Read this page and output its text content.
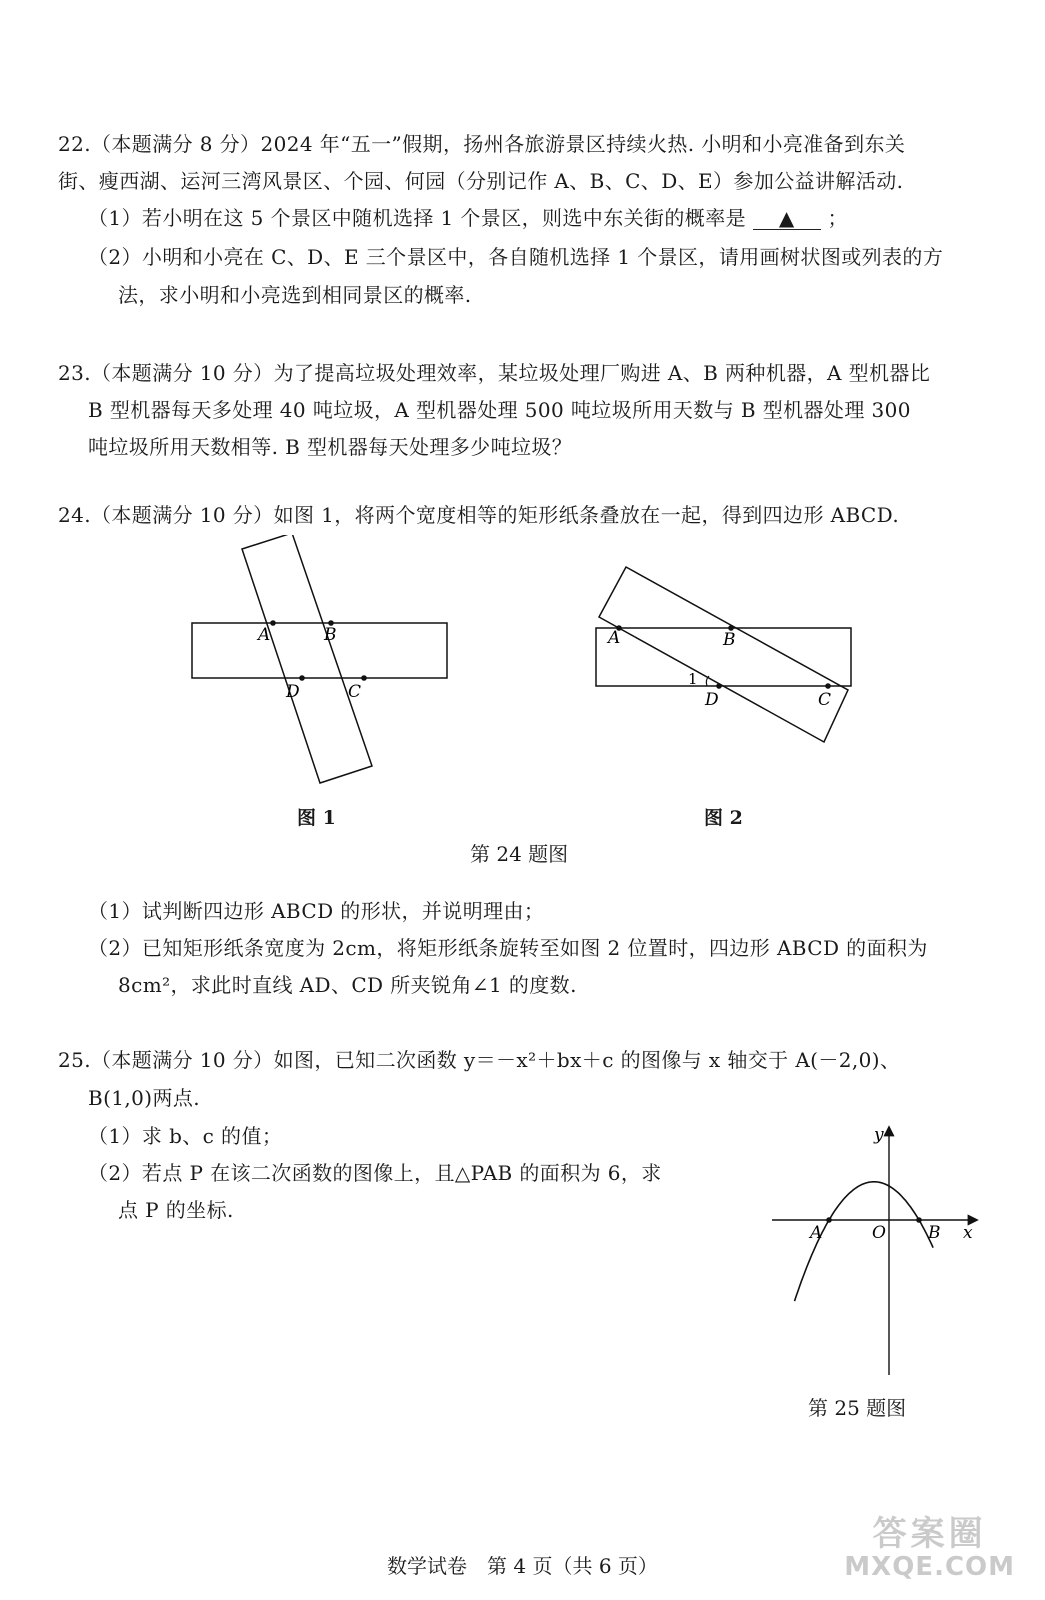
22.（本题满分 8 分）2024 年“五一”假期，扬州各旅游景区持续火热. 小明和小亮准备到东关
街、瘦西湖、运河三湾风景区、个园、何园（分别记作 A、B、C、D、E）参加公益讲解活动.
（1）若小明在这 5 个景区中随机选择 1 个景区，则选中东关街的概率是 ▲ ；
（2）小明和小亮在 C、D、E 三个景区中，各自随机选择 1 个景区，请用画树状图或列表的方
法，求小明和小亮选到相同景区的概率.
23.（本题满分 10 分）为了提高垃圾处理效率，某垃圾处理厂购进 A、B 两种机器，A 型机器比
B 型机器每天多处理 40 吨垃圾，A 型机器处理 500 吨垃圾所用天数与 B 型机器处理 300
吨垃圾所用天数相等. B 型机器每天处理多少吨垃圾？
24.（本题满分 10 分）如图 1，将两个宽度相等的矩形纸条叠放在一起，得到四边形 ABCD.
A	B
D	C
A	B
D	C
1
图 1	图 2
第 24 题图
（1）试判断四边形 ABCD 的形状，并说明理由；
（2）已知矩形纸条宽度为 2cm，将矩形纸条旋转至如图 2 位置时，四边形 ABCD 的面积为
8cm²，求此时直线 AD、CD 所夹锐角∠1 的度数.
25.（本题满分 10 分）如图，已知二次函数 y＝－x²＋bx＋c 的图像与 x 轴交于 A(－2,0)、
B(1,0)两点.
（1）求 b、c 的值；
（2）若点 P 在该二次函数的图像上，且△PAB 的面积为 6，求
点 P 的坐标.
A	O B x
y
第 25 题图
数学试卷　第 4 页（共 6 页）
答案圈
MXQE.COM
